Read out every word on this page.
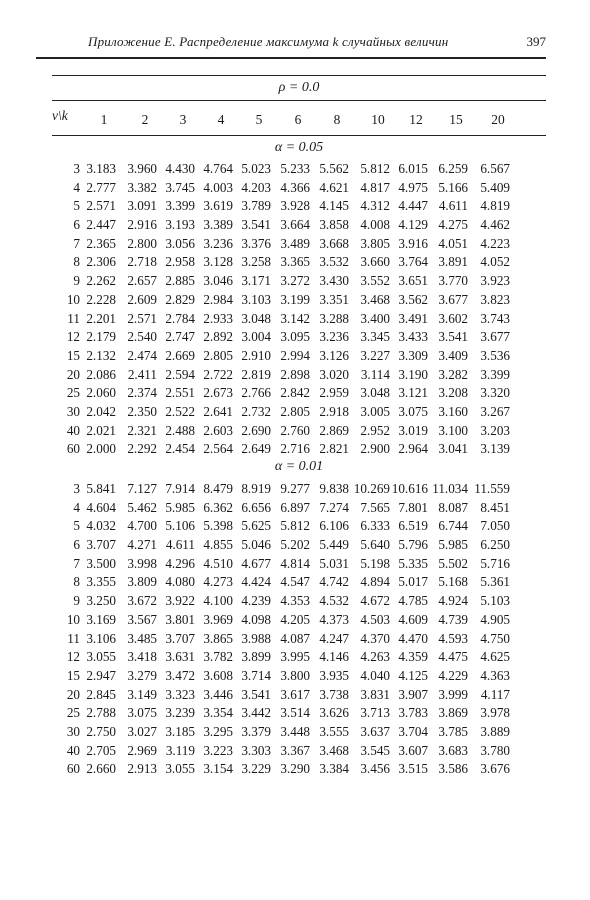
Приложение E. Распределение максимума k случайных величин	397
ρ = 0.0
ν\k	1	2	3	4	5	6	8	10	12	15	20
α = 0.05
3 3.183 3.960 4.430 4.764 5.023 5.233 5.562 5.812 6.015 6.259 6.567
4 2.777 3.382 3.745 4.003 4.203 4.366 4.621 4.817 4.975 5.166 5.409
5 2.571 3.091 3.399 3.619 3.789 3.928 4.145 4.312 4.447 4.611 4.819
6 2.447 2.916 3.193 3.389 3.541 3.664 3.858 4.008 4.129 4.275 4.462
7 2.365 2.800 3.056 3.236 3.376 3.489 3.668 3.805 3.916 4.051 4.223
8 2.306 2.718 2.958 3.128 3.258 3.365 3.532 3.660 3.764 3.891 4.052
9 2.262 2.657 2.885 3.046 3.171 3.272 3.430 3.552 3.651 3.770 3.923
10 2.228 2.609 2.829 2.984 3.103 3.199 3.351 3.468 3.562 3.677 3.823
11 2.201 2.571 2.784 2.933 3.048 3.142 3.288 3.400 3.491 3.602 3.743
12 2.179 2.540 2.747 2.892 3.004 3.095 3.236 3.345 3.433 3.541 3.677
15 2.132 2.474 2.669 2.805 2.910 2.994 3.126 3.227 3.309 3.409 3.536
20 2.086 2.411 2.594 2.722 2.819 2.898 3.020 3.114 3.190 3.282 3.399
25 2.060 2.374 2.551 2.673 2.766 2.842 2.959 3.048 3.121 3.208 3.320
30 2.042 2.350 2.522 2.641 2.732 2.805 2.918 3.005 3.075 3.160 3.267
40 2.021 2.321 2.488 2.603 2.690 2.760 2.869 2.952 3.019 3.100 3.203
60 2.000 2.292 2.454 2.564 2.649 2.716 2.821 2.900 2.964 3.041 3.139
α = 0.01
3 5.841 7.127 7.914 8.479 8.919 9.277 9.838 10.269 10.616 11.034 11.559
4 4.604 5.462 5.985 6.362 6.656 6.897 7.274 7.565 7.801 8.087 8.451
5 4.032 4.700 5.106 5.398 5.625 5.812 6.106 6.333 6.519 6.744 7.050
6 3.707 4.271 4.611 4.855 5.046 5.202 5.449 5.640 5.796 5.985 6.250
7 3.500 3.998 4.296 4.510 4.677 4.814 5.031 5.198 5.335 5.502 5.716
8 3.355 3.809 4.080 4.273 4.424 4.547 4.742 4.894 5.017 5.168 5.361
9 3.250 3.672 3.922 4.100 4.239 4.353 4.532 4.672 4.785 4.924 5.103
10 3.169 3.567 3.801 3.969 4.098 4.205 4.373 4.503 4.609 4.739 4.905
11 3.106 3.485 3.707 3.865 3.988 4.087 4.247 4.370 4.470 4.593 4.750
12 3.055 3.418 3.631 3.782 3.899 3.995 4.146 4.263 4.359 4.475 4.625
15 2.947 3.279 3.472 3.608 3.714 3.800 3.935 4.040 4.125 4.229 4.363
20 2.845 3.149 3.323 3.446 3.541 3.617 3.738 3.831 3.907 3.999 4.117
25 2.788 3.075 3.239 3.354 3.442 3.514 3.626 3.713 3.783 3.869 3.978
30 2.750 3.027 3.185 3.295 3.379 3.448 3.555 3.637 3.704 3.785 3.889
40 2.705 2.969 3.119 3.223 3.303 3.367 3.468 3.545 3.607 3.683 3.780
60 2.660 2.913 3.055 3.154 3.229 3.290 3.384 3.456 3.515 3.586 3.676
